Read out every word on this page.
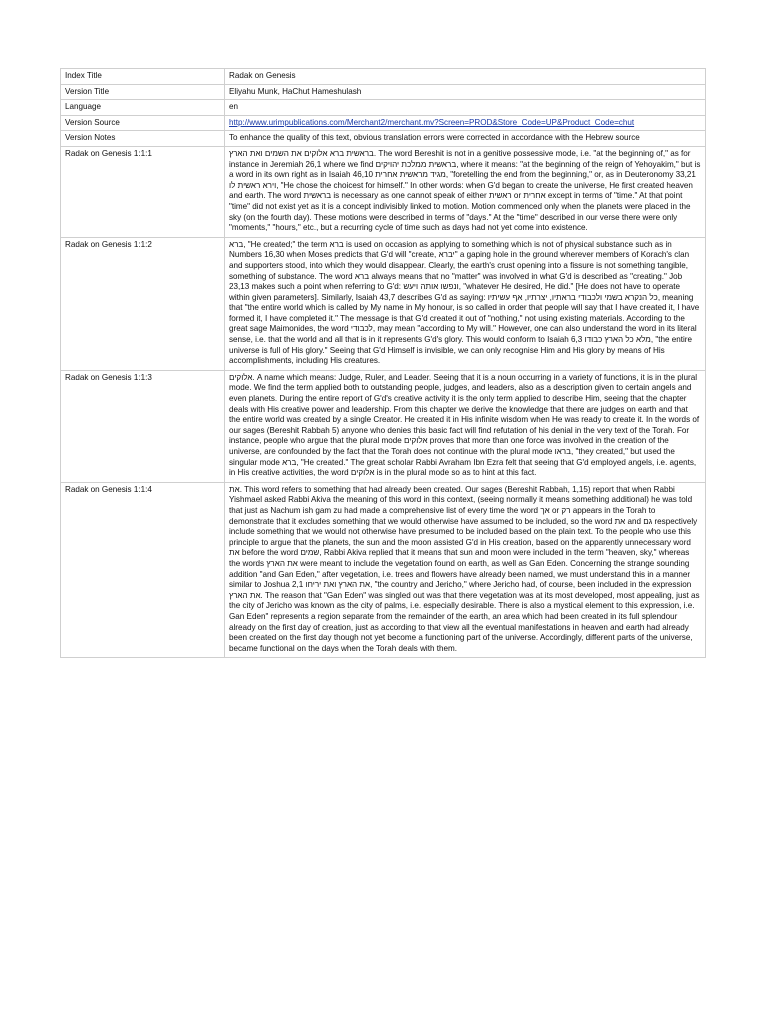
Index Title	Radak on Genesis
Version Title	Eliyahu Munk, HaChut Hameshulash
Language	en
Version Source	http://www.urimpublications.com/Merchant2/merchant.mv?Screen=PROD&Store_Code=UP&Product_Code=chut
Version Notes	To enhance the quality of this text, obvious translation errors were corrected in accordance with the Hebrew source
Radak on Genesis 1:1:1	בראשית ברא אלוקים את השמים ואת הארץ. The word Bereshit is not in a genitive possessive mode, i.e. "at the beginning of," as for instance in Jeremiah 26,1 where we find בראשית ממלכת יהויקים, where it means: "at the beginning of the reign of Yehoyakim," but is a word in its own right as in Isaiah 46,10 מגיד מראשית אחרית, "foretelling the end from the beginning," or, as in Deuteronomy 33,21 וירא ראשית לו, "He chose the choicest for himself." In other words: when G'd began to create the universe, He first created heaven and earth. The word בראשית is necessary as one cannot speak of either ראשית or אחרית except in terms of "time." At that point "time" did not exist yet as it is a concept indivisibly linked to motion. Motion commenced only when the planets were placed in the sky (on the fourth day). These motions were described in terms of "days." At the "time" described in our verse there were only "moments," "hours," etc., but a recurring cycle of time such as days had not yet come into existence.
Radak on Genesis 1:1:2	ברא, "He created;" the term ברא is used on occasion as applying to something which is not of physical substance such as in Numbers 16,30 when Moses predicts that G'd will "create, יברא" a gaping hole in the ground wherever members of Korach's clan and supporters stood, into which they would disappear. Clearly, the earth's crust opening into a fissure is not something tangible, something of substance. The word ברא always means that no "matter" was involved in what G'd is described as "creating." Job 23,13 makes such a point when referring to G'd: ונפשו אותה ויעש, "whatever He desired, He did." [He does not have to operate within given parameters]. Similarly, Isaiah 43,7 describes G'd as saying: כל הנקרא בשמי ולכבודי בראתיו, יצרתיו, אף עשיתיו, meaning that "the entire world which is called by My name in My honour, is so called in order that people will say that I have created it, I have formed it, I have completed it." The message is that G'd created it out of "nothing," not using existing materials. According to the great sage Maimonides, the word לכבודי, may mean "according to My will." However, one can also understand the word in its literal sense, i.e. that the world and all that is in it represents G'd's glory. This would conform to Isaiah 6,3 מלא כל הארץ כבודו, "the entire universe is full of His glory." Seeing that G'd Himself is invisible, we can only recognise Him and His glory by means of His accomplishments, including His creatures.
Radak on Genesis 1:1:3	אלוקים. A name which means: Judge, Ruler, and Leader. Seeing that it is a noun occurring in a variety of functions, it is in the plural mode. We find the term applied both to outstanding people, judges, and leaders, also as a description given to certain angels and even planets. During the entire report of G'd's creative activity it is the only term applied to describe Him, seeing that the chapter deals with His creative power and leadership. From this chapter we derive the knowledge that there are judges on earth and that the entire world was created by a single Creator. He created it in His infinite wisdom when He was ready to create it. In the words of our sages (Bereshit Rabbah 5) anyone who denies this basic fact will find refutation of his denial in the very text of the Torah. For instance, people who argue that the plural mode אלוקים proves that more than one force was involved in the creation of the universe, are confounded by the fact that the Torah does not continue with the plural mode בראו, "they created," but used the singular mode ברא, "He created." The great scholar Rabbi Avraham Ibn Ezra felt that seeing that G'd employed angels, i.e. agents, in His creative activities, the word אלוקים is in the plural mode so as to hint at this fact.
Radak on Genesis 1:1:4	את. This word refers to something that had already been created. Our sages (Bereshit Rabbah, 1,15) report that when Rabbi Yishmael asked Rabbi Akiva the meaning of this word in this context, (seeing normally it means something additional) he was told that just as Nachum ish gam zu had made a comprehensive list of every time the word אך or רק appears in the Torah to demonstrate that it excludes something that we would otherwise have assumed to be included, so the word את and גם respectively include something that we would not otherwise have presumed to be included based on the plain text. To the people who use this principle to argue that the planets, the sun and the moon assisted G'd in His creation, based on the apparently unnecessary word את before the word שמים, Rabbi Akiva replied that it means that sun and moon were included in the term "heaven, sky," whereas the words את הארץ were meant to include the vegetation found on earth, as well as Gan Eden. Concerning the strange sounding addition "and Gan Eden," after vegetation, i.e. trees and flowers have already been named, we must understand this in a manner similar to Joshua 2,1 את הארץ ואת יריחו, "the country and Jericho," where Jericho had, of course, been included in the expression את הארץ. The reason that "Gan Eden" was singled out was that there vegetation was at its most developed, most appealing, just as the city of Jericho was known as the city of palms, i.e. especially desirable. There is also a mystical element to this expression, i.e. Gan Eden" represents a region separate from the remainder of the earth, an area which had been created in its full splendour already on the first day of creation, just as according to that view all the eventual manifestations in heaven and earth had already been created on the first day though not yet become a functioning part of the universe. Accordingly, different parts of the universe, became functional on the days when the Torah deals with them.
